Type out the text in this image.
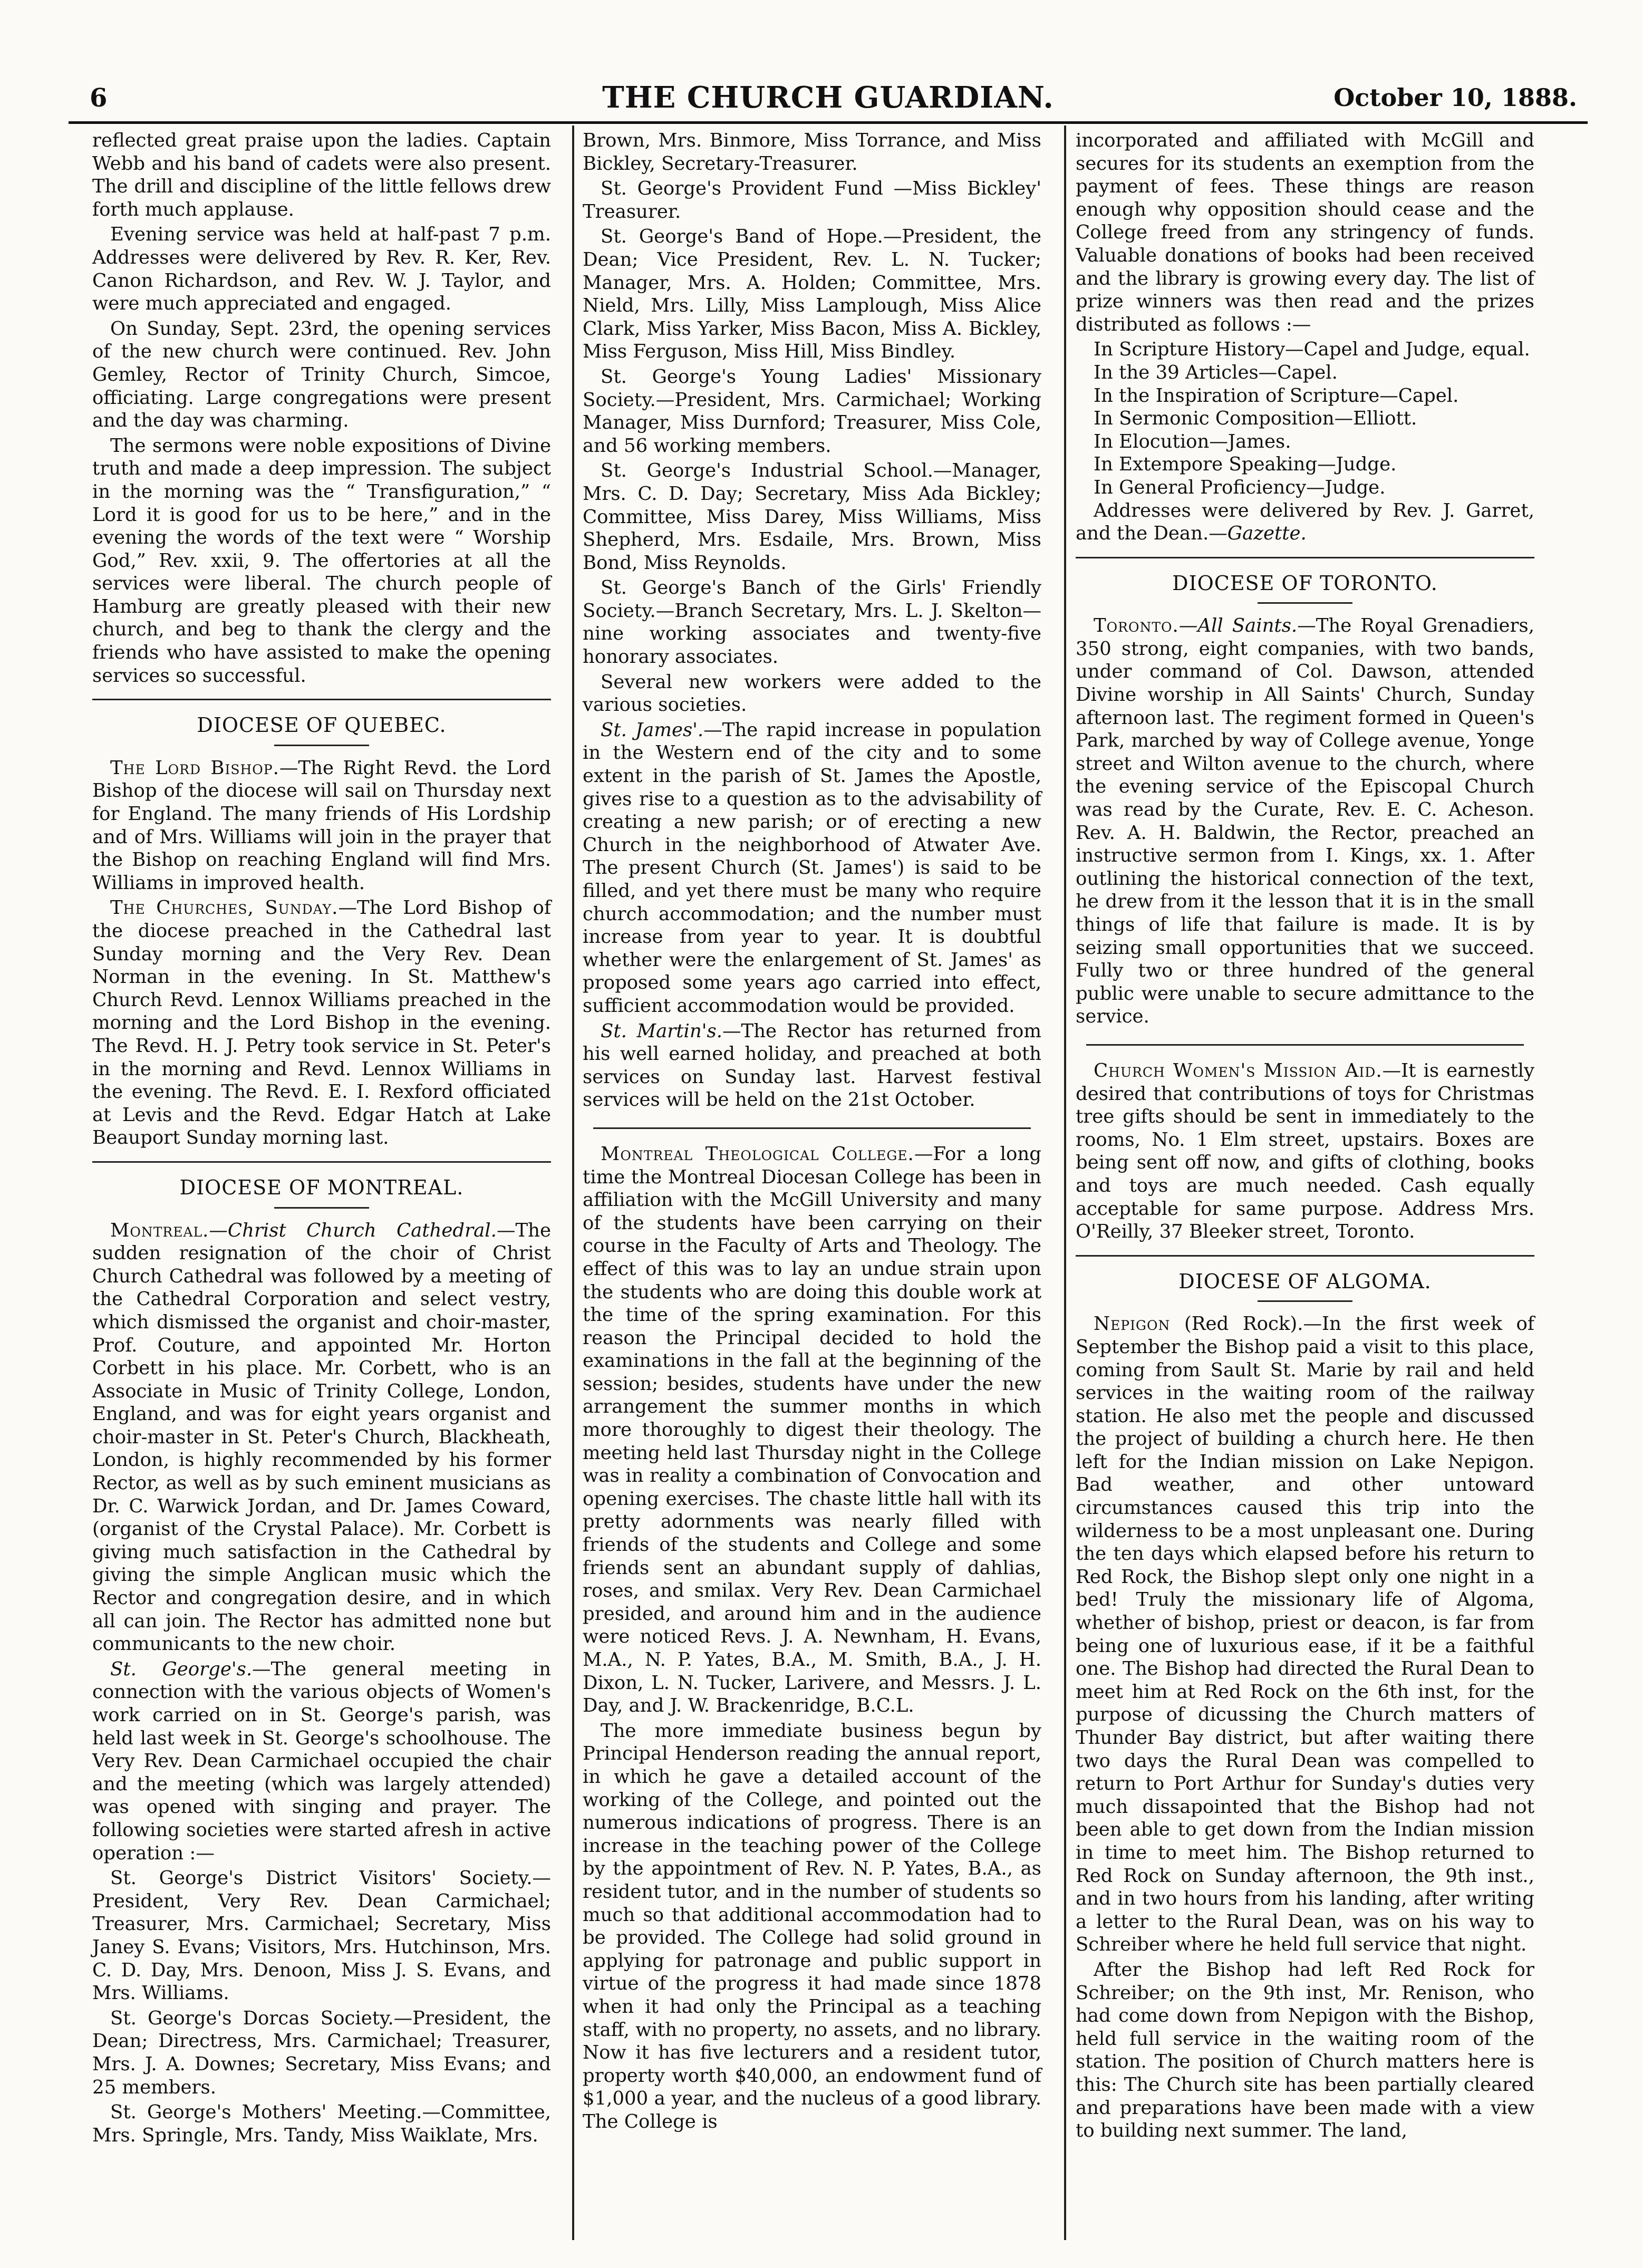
6	THE CHURCH GUARDIAN.	October 10, 1888.

reflected great praise upon the ladies. Captain Webb and his band of cadets were also present. The drill and discipline of the little fellows drew forth much applause.

Evening service was held at half-past 7 p.m. Addresses were delivered by Rev. R. Ker, Rev. Canon Richardson, and Rev. W. J. Taylor, and were much appreciated and engaged.

On Sunday, Sept. 23rd, the opening services of the new church were continued. Rev. John Gemley, Rector of Trinity Church, Simcoe, officiating. Large congregations were present and the day was charming.

The sermons were noble expositions of Divine truth and made a deep impression. The subject in the morning was the “ Transfiguration,” “ Lord it is good for us to be here,” and in the evening the words of the text were “ Worship God,” Rev. xxii, 9. The offertories at all the services were liberal. The church people of Hamburg are greatly pleased with their new church, and beg to thank the clergy and the friends who have assisted to make the opening services so successful.

DIOCESE OF QUEBEC.

The Lord Bishop.—The Right Revd. the Lord Bishop of the diocese will sail on Thursday next for England. The many friends of His Lordship and of Mrs. Williams will join in the prayer that the Bishop on reaching England will find Mrs. Williams in improved health.

The Churches, Sunday.—The Lord Bishop of the diocese preached in the Cathedral last Sunday morning and the Very Rev. Dean Norman in the evening. In St. Matthew's Church Revd. Lennox Williams preached in the morning and the Lord Bishop in the evening. The Revd. H. J. Petry took service in St. Peter's in the morning and Revd. Lennox Williams in the evening. The Revd. E. I. Rexford officiated at Levis and the Revd. Edgar Hatch at Lake Beauport Sunday morning last.

DIOCESE OF MONTREAL.

Montreal.—Christ Church Cathedral.—The sudden resignation of the choir of Christ Church Cathedral was followed by a meeting of the Cathedral Corporation and select vestry, which dismissed the organist and choir-master, Prof. Couture, and appointed Mr. Horton Corbett in his place. Mr. Corbett, who is an Associate in Music of Trinity College, London, England, and was for eight years organist and choir-master in St. Peter's Church, Blackheath, London, is highly recommended by his former Rector, as well as by such eminent musicians as Dr. C. Warwick Jordan, and Dr. James Coward, (organist of the Crystal Palace). Mr. Corbett is giving much satisfaction in the Cathedral by giving the simple Anglican music which the Rector and congregation desire, and in which all can join. The Rector has admitted none but communicants to the new choir.

St. George's.—The general meeting in connection with the various objects of Women's work carried on in St. George's parish, was held last week in St. George's schoolhouse. The Very Rev. Dean Carmichael occupied the chair and the meeting (which was largely attended) was opened with singing and prayer. The following societies were started afresh in active operation :—

St. George's District Visitors' Society.—President, Very Rev. Dean Carmichael; Treasurer, Mrs. Carmichael; Secretary, Miss Janey S. Evans; Visitors, Mrs. Hutchinson, Mrs. C. D. Day, Mrs. Denoon, Miss J. S. Evans, and Mrs. Williams.

St. George's Dorcas Society.—President, the Dean; Directress, Mrs. Carmichael; Treasurer, Mrs. J. A. Downes; Secretary, Miss Evans; and 25 members.

St. George's Mothers' Meeting.—Committee, Mrs. Springle, Mrs. Tandy, Miss Waiklate, Mrs.

Brown, Mrs. Binmore, Miss Torrance, and Miss Bickley, Secretary-Treasurer.

St. George's Provident Fund —Miss Bickley' Treasurer.

St. George's Band of Hope.—President, the Dean; Vice President, Rev. L. N. Tucker; Manager, Mrs. A. Holden; Committee, Mrs. Nield, Mrs. Lilly, Miss Lamplough, Miss Alice Clark, Miss Yarker, Miss Bacon, Miss A. Bickley, Miss Ferguson, Miss Hill, Miss Bindley.

St. George's Young Ladies' Missionary Society.—President, Mrs. Carmichael; Working Manager, Miss Durnford; Treasurer, Miss Cole, and 56 working members.

St. George's Industrial School.—Manager, Mrs. C. D. Day; Secretary, Miss Ada Bickley; Committee, Miss Darey, Miss Williams, Miss Shepherd, Mrs. Esdaile, Mrs. Brown, Miss Bond, Miss Reynolds.

St. George's Banch of the Girls' Friendly Society.—Branch Secretary, Mrs. L. J. Skelton—nine working associates and twenty-five honorary associates.

Several new workers were added to the various societies.

St. James'.—The rapid increase in population in the Western end of the city and to some extent in the parish of St. James the Apostle, gives rise to a question as to the advisability of creating a new parish; or of erecting a new Church in the neighborhood of Atwater Ave. The present Church (St. James') is said to be filled, and yet there must be many who require church accommodation; and the number must increase from year to year. It is doubtful whether were the enlargement of St. James' as proposed some years ago carried into effect, sufficient accommodation would be provided.

St. Martin's.—The Rector has returned from his well earned holiday, and preached at both services on Sunday last. Harvest festival services will be held on the 21st October.

Montreal Theological College.—For a long time the Montreal Diocesan College has been in affiliation with the McGill University and many of the students have been carrying on their course in the Faculty of Arts and Theology. The effect of this was to lay an undue strain upon the students who are doing this double work at the time of the spring examination. For this reason the Principal decided to hold the examinations in the fall at the beginning of the session; besides, students have under the new arrangement the summer months in which more thoroughly to digest their theology. The meeting held last Thursday night in the College was in reality a combination of Convocation and opening exercises. The chaste little hall with its pretty adornments was nearly filled with friends of the students and College and some friends sent an abundant supply of dahlias, roses, and smilax. Very Rev. Dean Carmichael presided, and around him and in the audience were noticed Revs. J. A. Newnham, H. Evans, M.A., N. P. Yates, B.A., M. Smith, B.A., J. H. Dixon, L. N. Tucker, Larivere, and Messrs. J. L. Day, and J. W. Brackenridge, B.C.L.

The more immediate business begun by Principal Henderson reading the annual report, in which he gave a detailed account of the working of the College, and pointed out the numerous indications of progress. There is an increase in the teaching power of the College by the appointment of Rev. N. P. Yates, B.A., as resident tutor, and in the number of students so much so that additional accommodation had to be provided. The College had solid ground in applying for patronage and public support in virtue of the progress it had made since 1878 when it had only the Principal as a teaching staff, with no property, no assets, and no library. Now it has five lecturers and a resident tutor, property worth $40,000, an endowment fund of $1,000 a year, and the nucleus of a good library. The College is

incorporated and affiliated with McGill and secures for its students an exemption from the payment of fees. These things are reason enough why opposition should cease and the College freed from any stringency of funds. Valuable donations of books had been received and the library is growing every day. The list of prize winners was then read and the prizes distributed as follows :—

In Scripture History—Capel and Judge, equal.

In the 39 Articles—Capel.

In the Inspiration of Scripture—Capel.

In Sermonic Composition—Elliott.

In Elocution—James.

In Extempore Speaking—Judge.

In General Proficiency—Judge.

Addresses were delivered by Rev. J. Garret, and the Dean.—Gazette.

DIOCESE OF TORONTO.

Toronto.—All Saints.—The Royal Grenadiers, 350 strong, eight companies, with two bands, under command of Col. Dawson, attended Divine worship in All Saints' Church, Sunday afternoon last. The regiment formed in Queen's Park, marched by way of College avenue, Yonge street and Wilton avenue to the church, where the evening service of the Episcopal Church was read by the Curate, Rev. E. C. Acheson. Rev. A. H. Baldwin, the Rector, preached an instructive sermon from I. Kings, xx. 1. After outlining the historical connection of the text, he drew from it the lesson that it is in the small things of life that failure is made. It is by seizing small opportunities that we succeed. Fully two or three hundred of the general public were unable to secure admittance to the service.

Church Women's Mission Aid.—It is earnestly desired that contributions of toys for Christmas tree gifts should be sent in immediately to the rooms, No. 1 Elm street, upstairs. Boxes are being sent off now, and gifts of clothing, books and toys are much needed. Cash equally acceptable for same purpose. Address Mrs. O'Reilly, 37 Bleeker street, Toronto.

DIOCESE OF ALGOMA.

Nepigon (Red Rock).—In the first week of September the Bishop paid a visit to this place, coming from Sault St. Marie by rail and held services in the waiting room of the railway station. He also met the people and discussed the project of building a church here. He then left for the Indian mission on Lake Nepigon. Bad weather, and other untoward circumstances caused this trip into the wilderness to be a most unpleasant one. During the ten days which elapsed before his return to Red Rock, the Bishop slept only one night in a bed! Truly the missionary life of Algoma, whether of bishop, priest or deacon, is far from being one of luxurious ease, if it be a faithful one. The Bishop had directed the Rural Dean to meet him at Red Rock on the 6th inst, for the purpose of dicussing the Church matters of Thunder Bay district, but after waiting there two days the Rural Dean was compelled to return to Port Arthur for Sunday's duties very much dissapointed that the Bishop had not been able to get down from the Indian mission in time to meet him. The Bishop returned to Red Rock on Sunday afternoon, the 9th inst., and in two hours from his landing, after writing a letter to the Rural Dean, was on his way to Schreiber where he held full service that night.

After the Bishop had left Red Rock for Schreiber; on the 9th inst, Mr. Renison, who had come down from Nepigon with the Bishop, held full service in the waiting room of the station. The position of Church matters here is this: The Church site has been partially cleared and preparations have been made with a view to building next summer. The land,
